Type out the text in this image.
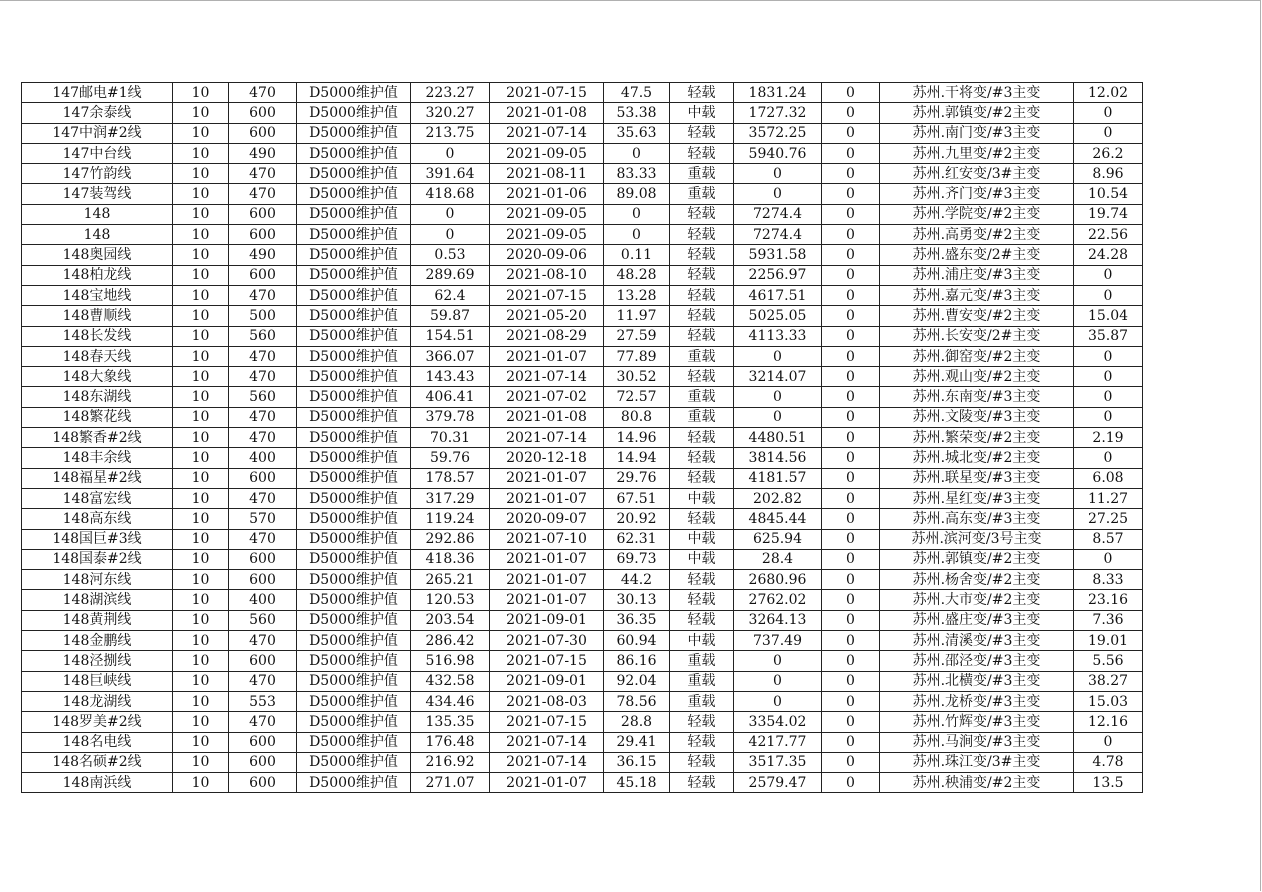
147邮电#1线	10	470	D5000维护值	223.27	2021-07-15	47.5	轻载	1831.24	0	苏州.干将变/#3主变	12.02
147余泰线	10	600	D5000维护值	320.27	2021-01-08	53.38	中载	1727.32	0	苏州.郭镇变/#2主变	0
147中润#2线	10	600	D5000维护值	213.75	2021-07-14	35.63	轻载	3572.25	0	苏州.南门变/#3主变	0
147中台线	10	490	D5000维护值	0	2021-09-05	0	轻载	5940.76	0	苏州.九里变/#2主变	26.2
147竹韵线	10	470	D5000维护值	391.64	2021-08-11	83.33	重载	0	0	苏州.红安变/3#主变	8.96
147装驾线	10	470	D5000维护值	418.68	2021-01-06	89.08	重载	0	0	苏州.齐门变/#3主变	10.54
148	10	600	D5000维护值	0	2021-09-05	0	轻载	7274.4	0	苏州.学院变/#2主变	19.74
148	10	600	D5000维护值	0	2021-09-05	0	轻载	7274.4	0	苏州.高勇变/#2主变	22.56
148奥园线	10	490	D5000维护值	0.53	2020-09-06	0.11	轻载	5931.58	0	苏州.盛东变/2#主变	24.28
148柏龙线	10	600	D5000维护值	289.69	2021-08-10	48.28	轻载	2256.97	0	苏州.浦庄变/#3主变	0
148宝地线	10	470	D5000维护值	62.4	2021-07-15	13.28	轻载	4617.51	0	苏州.嘉元变/#3主变	0
148曹顺线	10	500	D5000维护值	59.87	2021-05-20	11.97	轻载	5025.05	0	苏州.曹安变/#2主变	15.04
148长发线	10	560	D5000维护值	154.51	2021-08-29	27.59	轻载	4113.33	0	苏州.长安变/2#主变	35.87
148春天线	10	470	D5000维护值	366.07	2021-01-07	77.89	重载	0	0	苏州.御窑变/#2主变	0
148大象线	10	470	D5000维护值	143.43	2021-07-14	30.52	轻载	3214.07	0	苏州.观山变/#2主变	0
148东湖线	10	560	D5000维护值	406.41	2021-07-02	72.57	重载	0	0	苏州.东南变/#3主变	0
148繁花线	10	470	D5000维护值	379.78	2021-01-08	80.8	重载	0	0	苏州.文陵变/#3主变	0
148繁香#2线	10	470	D5000维护值	70.31	2021-07-14	14.96	轻载	4480.51	0	苏州.繁荣变/#2主变	2.19
148丰余线	10	400	D5000维护值	59.76	2020-12-18	14.94	轻载	3814.56	0	苏州.城北变/#2主变	0
148福星#2线	10	600	D5000维护值	178.57	2021-01-07	29.76	轻载	4181.57	0	苏州.联星变/#3主变	6.08
148富宏线	10	470	D5000维护值	317.29	2021-01-07	67.51	中载	202.82	0	苏州.星红变/#3主变	11.27
148高东线	10	570	D5000维护值	119.24	2020-09-07	20.92	轻载	4845.44	0	苏州.高东变/#3主变	27.25
148国巨#3线	10	470	D5000维护值	292.86	2021-07-10	62.31	中载	625.94	0	苏州.滨河变/3号主变	8.57
148国泰#2线	10	600	D5000维护值	418.36	2021-01-07	69.73	中载	28.4	0	苏州.郭镇变/#2主变	0
148河东线	10	600	D5000维护值	265.21	2021-01-07	44.2	轻载	2680.96	0	苏州.杨舍变/#2主变	8.33
148湖滨线	10	400	D5000维护值	120.53	2021-01-07	30.13	轻载	2762.02	0	苏州.大市变/#2主变	23.16
148黄荆线	10	560	D5000维护值	203.54	2021-09-01	36.35	轻载	3264.13	0	苏州.盛庄变/#3主变	7.36
148金鹏线	10	470	D5000维护值	286.42	2021-07-30	60.94	中载	737.49	0	苏州.清溪变/#3主变	19.01
148泾捌线	10	600	D5000维护值	516.98	2021-07-15	86.16	重载	0	0	苏州.邵泾变/#3主变	5.56
148巨峡线	10	470	D5000维护值	432.58	2021-09-01	92.04	重载	0	0	苏州.北横变/#3主变	38.27
148龙湖线	10	553	D5000维护值	434.46	2021-08-03	78.56	重载	0	0	苏州.龙桥变/#3主变	15.03
148罗美#2线	10	470	D5000维护值	135.35	2021-07-15	28.8	轻载	3354.02	0	苏州.竹辉变/#3主变	12.16
148名电线	10	600	D5000维护值	176.48	2021-07-14	29.41	轻载	4217.77	0	苏州.马涧变/#3主变	0
148名硕#2线	10	600	D5000维护值	216.92	2021-07-14	36.15	轻载	3517.35	0	苏州.珠江变/3#主变	4.78
148南浜线	10	600	D5000维护值	271.07	2021-01-07	45.18	轻载	2579.47	0	苏州.秧浦变/#2主变	13.5
